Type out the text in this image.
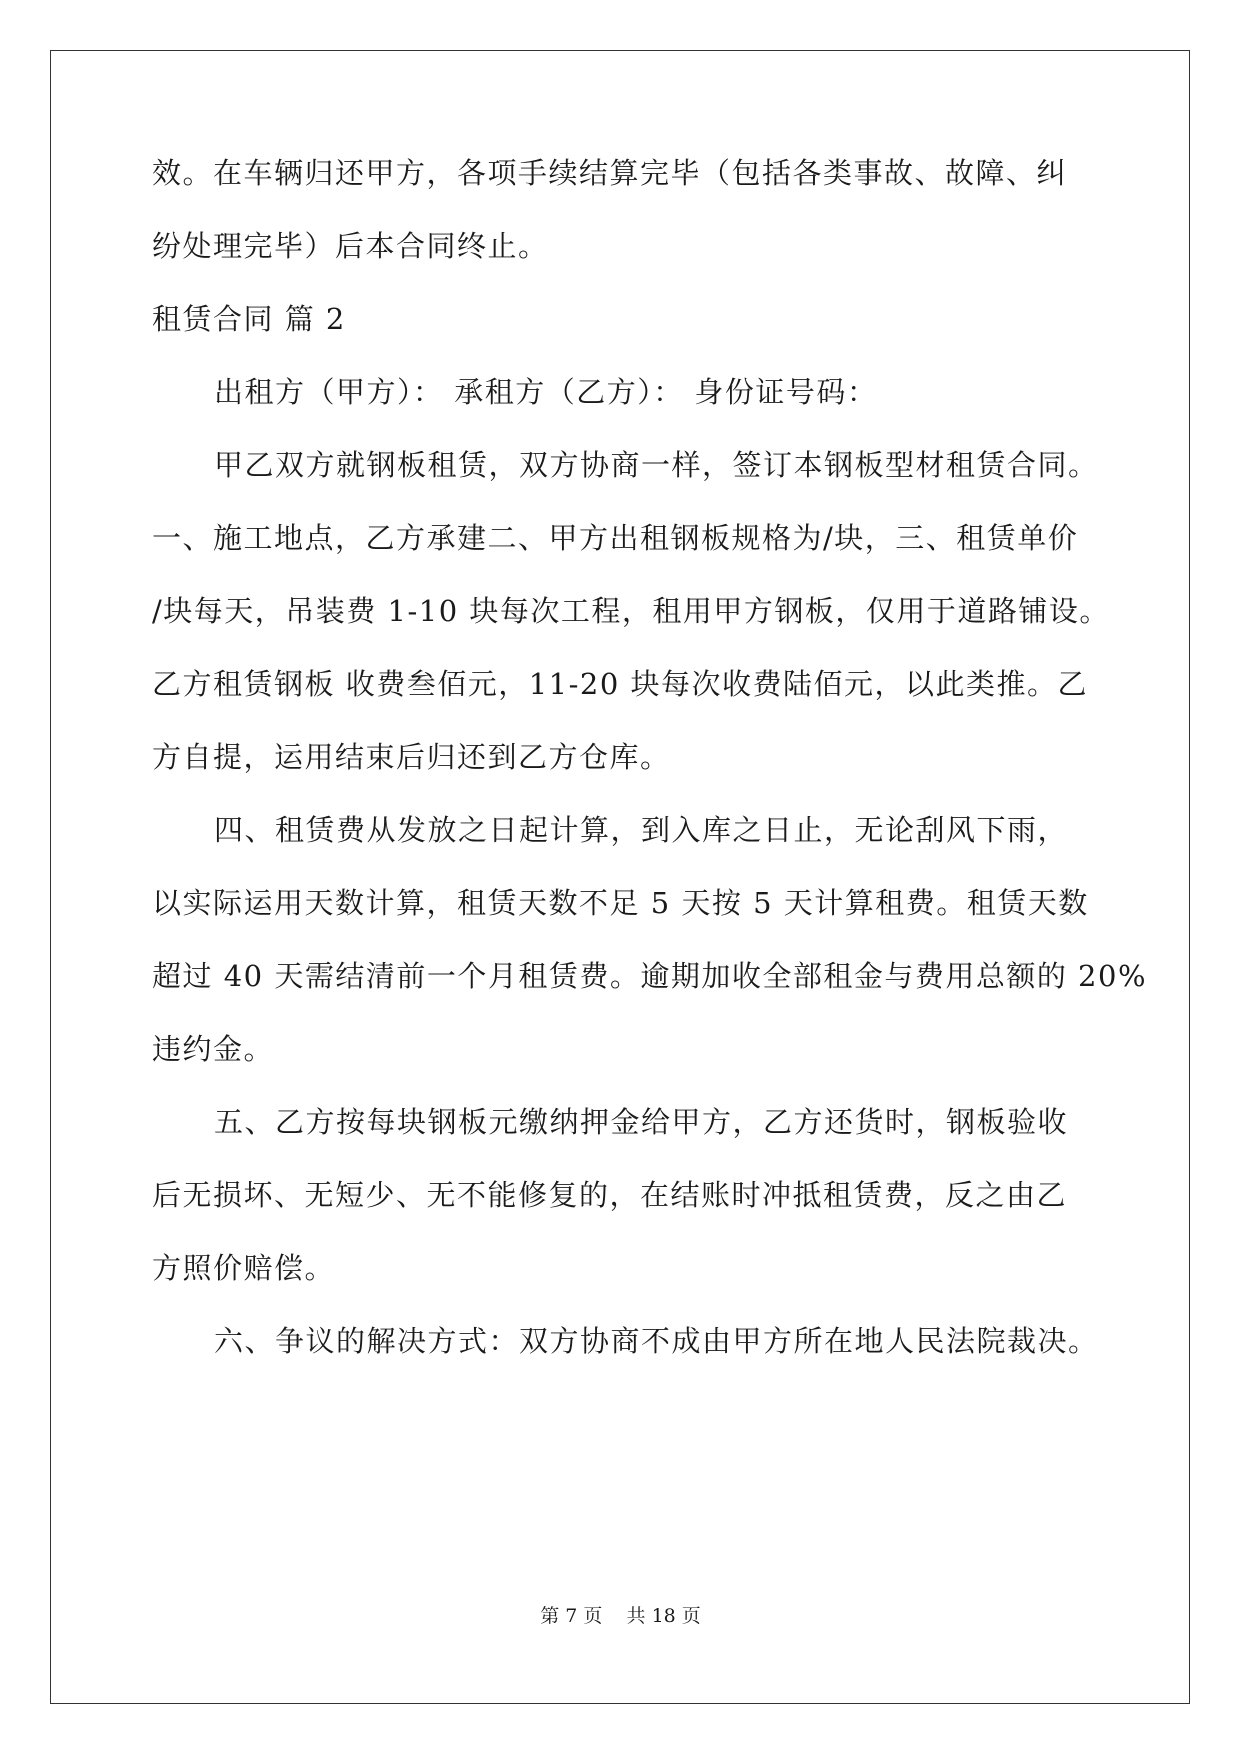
效。在车辆归还甲方，各项手续结算完毕（包括各类事故、故障、纠
纷处理完毕）后本合同终止。
租赁合同 篇 2
出租方（甲方）： 承租方（乙方）： 身份证号码：
甲乙双方就钢板租赁，双方协商一样，签订本钢板型材租赁合同。
一、施工地点，乙方承建二、甲方出租钢板规格为/块，三、租赁单价
/块每天，吊装费 1-10 块每次工程，租用甲方钢板，仅用于道路铺设。
乙方租赁钢板 收费叁佰元，11-20 块每次收费陆佰元，以此类推。乙
方自提，运用结束后归还到乙方仓库。
四、租赁费从发放之日起计算，到入库之日止，无论刮风下雨，
以实际运用天数计算，租赁天数不足 5 天按 5 天计算租费。租赁天数
超过 40 天需结清前一个月租赁费。逾期加收全部租金与费用总额的 20%
违约金。
五、乙方按每块钢板元缴纳押金给甲方，乙方还货时，钢板验收
后无损坏、无短少、无不能修复的，在结账时冲抵租赁费，反之由乙
方照价赔偿。
六、争议的解决方式：双方协商不成由甲方所在地人民法院裁决。
第 7 页    共 18 页
